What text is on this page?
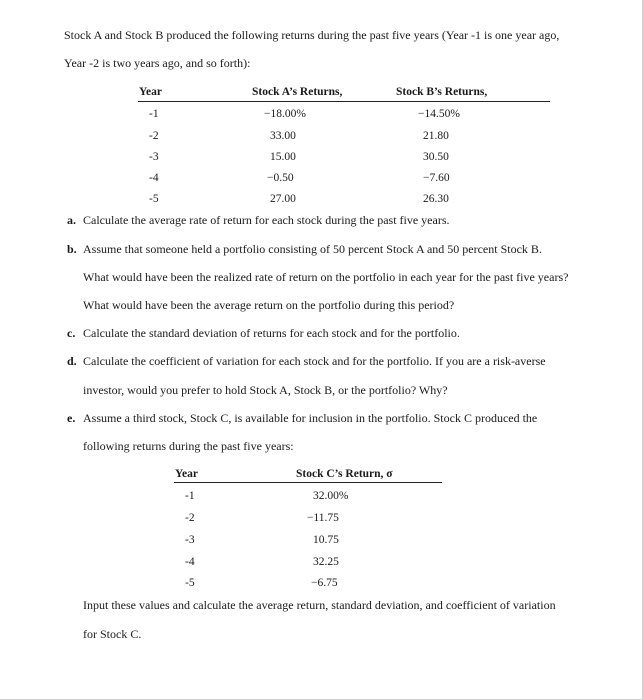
Stock A and Stock B produced the following returns during the past five years (Year -1 is one year ago,
Year -2 is two years ago, and so forth):
Year	Stock A’s Returns,	Stock B’s Returns,
-1	−18.00%	−14.50%
-2	33.00	21.80
-3	15.00	30.50
-4	−0.50	−7.60
-5	27.00	26.30
a. Calculate the average rate of return for each stock during the past five years.
b. Assume that someone held a portfolio consisting of 50 percent Stock A and 50 percent Stock B.
What would have been the realized rate of return on the portfolio in each year for the past five years?
What would have been the average return on the portfolio during this period?
c. Calculate the standard deviation of returns for each stock and for the portfolio.
d. Calculate the coefficient of variation for each stock and for the portfolio. If you are a risk-averse
investor, would you prefer to hold Stock A, Stock B, or the portfolio? Why?
e. Assume a third stock, Stock C, is available for inclusion in the portfolio. Stock C produced the
following returns during the past five years:
Year	Stock C’s Return, σ
-1	32.00%
-2	−11.75
-3	10.75
-4	32.25
-5	−6.75
Input these values and calculate the average return, standard deviation, and coefficient of variation
for Stock C.
